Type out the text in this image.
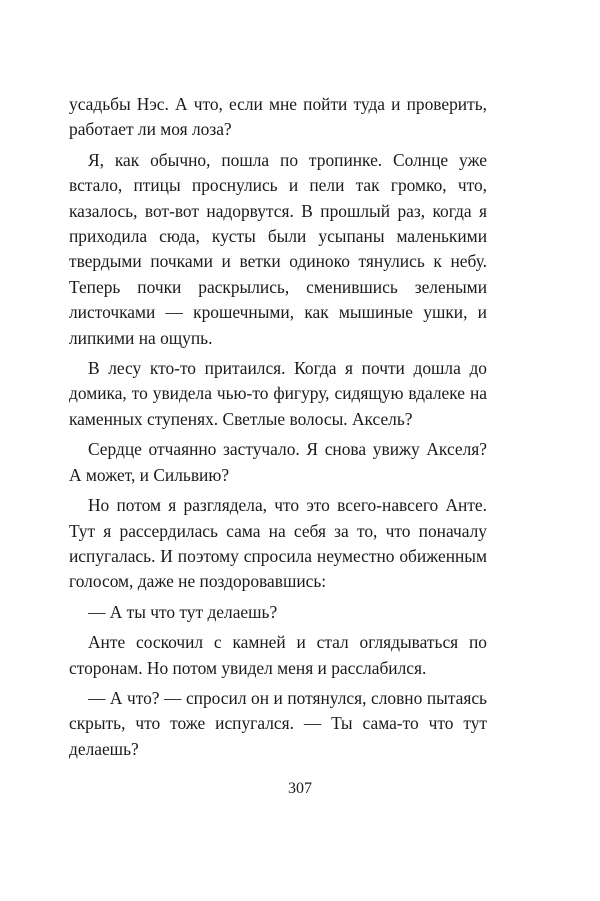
усадьбы Нэс. А что, если мне пойти туда и проверить, работает ли моя лоза?

Я, как обычно, пошла по тропинке. Солнце уже встало, птицы проснулись и пели так громко, что, казалось, вот-вот надорвутся. В прошлый раз, когда я приходила сюда, кусты были усыпаны маленькими твердыми почками и ветки одиноко тянулись к небу. Теперь почки раскрылись, сменившись зелеными листочками — крошечными, как мышиные ушки, и липкими на ощупь.

В лесу кто-то притаился. Когда я почти дошла до домика, то увидела чью-то фигуру, сидящую вдалеке на каменных ступенях. Светлые волосы. Аксель?

Сердце отчаянно застучало. Я снова увижу Акселя? А может, и Сильвию?

Но потом я разглядела, что это всего-навсего Анте. Тут я рассердилась сама на себя за то, что поначалу испугалась. И поэтому спросила неуместно обиженным голосом, даже не поздоровавшись:

— А ты что тут делаешь?

Анте соскочил с камней и стал оглядываться по сторонам. Но потом увидел меня и расслабился.

— А что? — спросил он и потянулся, словно пытаясь скрыть, что тоже испугался. — Ты сама-то что тут делаешь?

307
